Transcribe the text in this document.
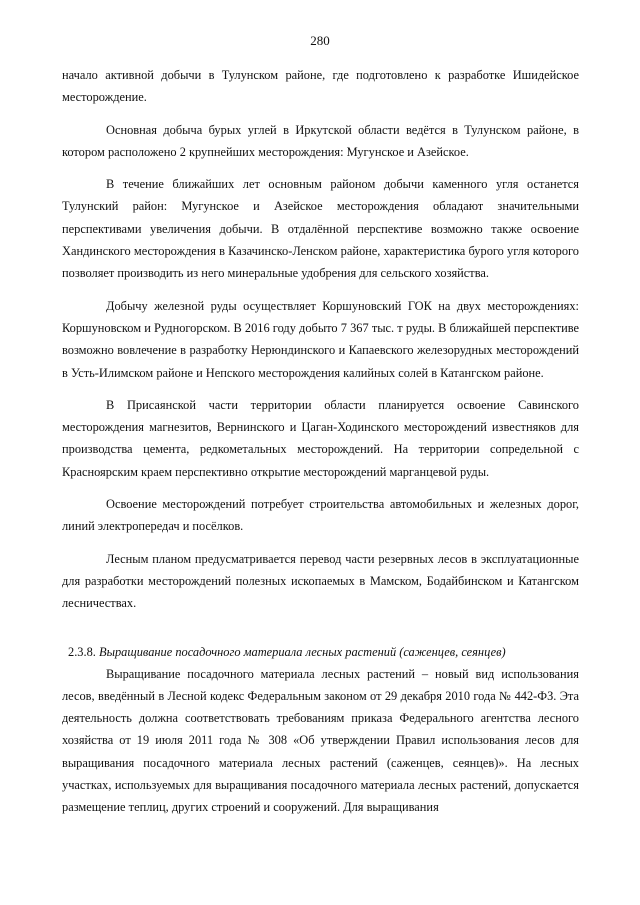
280

начало активной добычи в Тулунском районе, где подготовлено к разработке Ишидейское месторождение.

Основная добыча бурых углей в Иркутской области ведётся в Тулунском районе, в котором расположено 2 крупнейших месторождения: Мугунское и Азейское.

В течение ближайших лет основным районом добычи каменного угля останется Тулунский район: Мугунское и Азейское месторождения обладают значительными перспективами увеличения добычи. В отдалённой перспективе возможно также освоение Хандинского месторождения в Казачинско-Ленском районе, характеристика бурого угля которого позволяет производить из него минеральные удобрения для сельского хозяйства.

Добычу железной руды осуществляет Коршуновский ГОК на двух месторождениях: Коршуновском и Рудногорском. В 2016 году добыто 7 367 тыс. т руды. В ближайшей перспективе возможно вовлечение в разработку Нерюндинского и Капаевского железорудных месторождений в Усть-Илимском районе и Непского месторождения калийных солей в Катангском районе.

В Присаянской части территории области планируется освоение Савинского месторождения магнезитов, Вернинского и Цаган-Ходинского месторождений известняков для производства цемента, редкометальных месторождений. На территории сопредельной с Красноярским краем перспективно открытие месторождений марганцевой руды.

Освоение месторождений потребует строительства автомобильных и железных дорог, линий электропередач и посёлков.

Лесным планом предусматривается перевод части резервных лесов в эксплуатационные для разработки месторождений полезных ископаемых в Мамском, Бодайбинском и Катангском лесничествах.

2.3.8. Выращивание посадочного материала лесных растений (саженцев, сеянцев)

Выращивание посадочного материала лесных растений – новый вид использования лесов, введённый в Лесной кодекс Федеральным законом от 29 декабря 2010 года № 442-ФЗ. Эта деятельность должна соответствовать требованиям приказа Федерального агентства лесного хозяйства от 19 июля 2011 года № 308 «Об утверждении Правил использования лесов для выращивания посадочного материала лесных растений (саженцев, сеянцев)». На лесных участках, используемых для выращивания посадочного материала лесных растений, допускается размещение теплиц, других строений и сооружений. Для выращивания
